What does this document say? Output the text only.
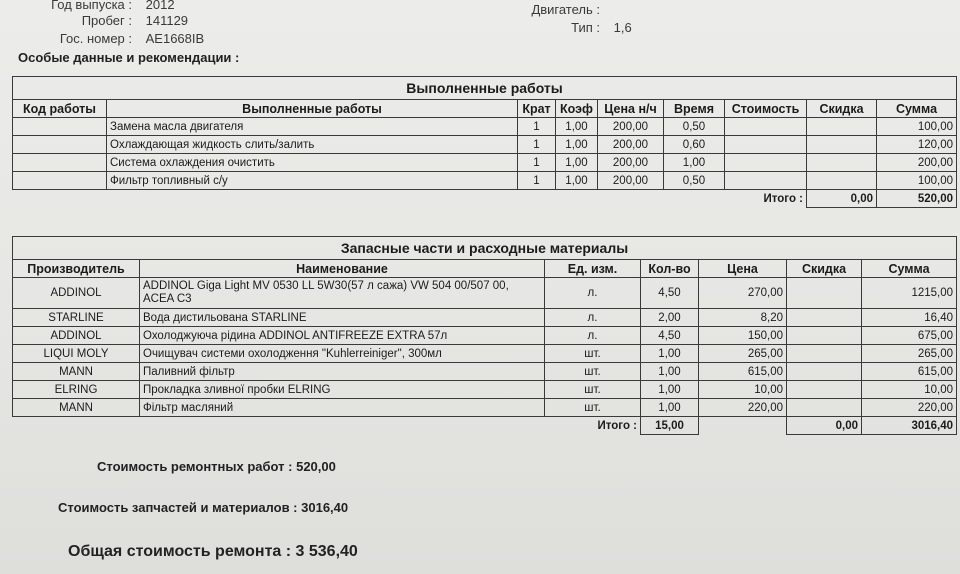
Год выпуска : 2012
Пробег : 141129
Гос. номер : АЕ1668IB
Двигатель :
Тип : 1,6
Особые данные и рекомендации :
Выполненные работы								
Код работы	Выполненные работы	Крат	Коэф	Цена н/ч	Время	Стоимость	Скидка	Сумма
	Замена масла двигателя	1	1,00	200,00	0,50			100,00
	Охлаждающая жидкость слить/залить	1	1,00	200,00	0,60			120,00
	Система охлаждения очистить	1	1,00	200,00	1,00			200,00
	Фильтр топливный с/у	1	1,00	200,00	0,50			100,00
					Итого :		0,00	520,00
Запасные части и расходные материалы						
Производитель	Наименование	Ед. изм.	Кол-во	Цена	Скидка	Сумма
ADDINOL	ADDINOL Giga Light MV 0530 LL 5W30(57 л сажа) VW 504 00/507 00, ACEA C3	л.	4,50	270,00		1215,00
STARLINE	Вода дистильована STARLINE	л.	2,00	8,20		16,40
ADDINOL	Охолоджуюча рідина ADDINOL ANTIFREEZE EXTRA 57л	л.	4,50	150,00		675,00
LIQUI MOLY	Очищувач системи охолодження "Kuhlerreiniger", 300мл	шт.	1,00	265,00		265,00
MANN	Паливний фільтр	шт.	1,00	615,00		615,00
ELRING	Прокладка зливної пробки ELRING	шт.	1,00	10,00		10,00
MANN	Фільтр масляний	шт.	1,00	220,00		220,00
		Итого :	15,00		0,00	3016,40
Стоимость ремонтных работ : 520,00
Стоимость запчастей и материалов : 3016,40
Общая стоимость ремонта : 3 536,40
